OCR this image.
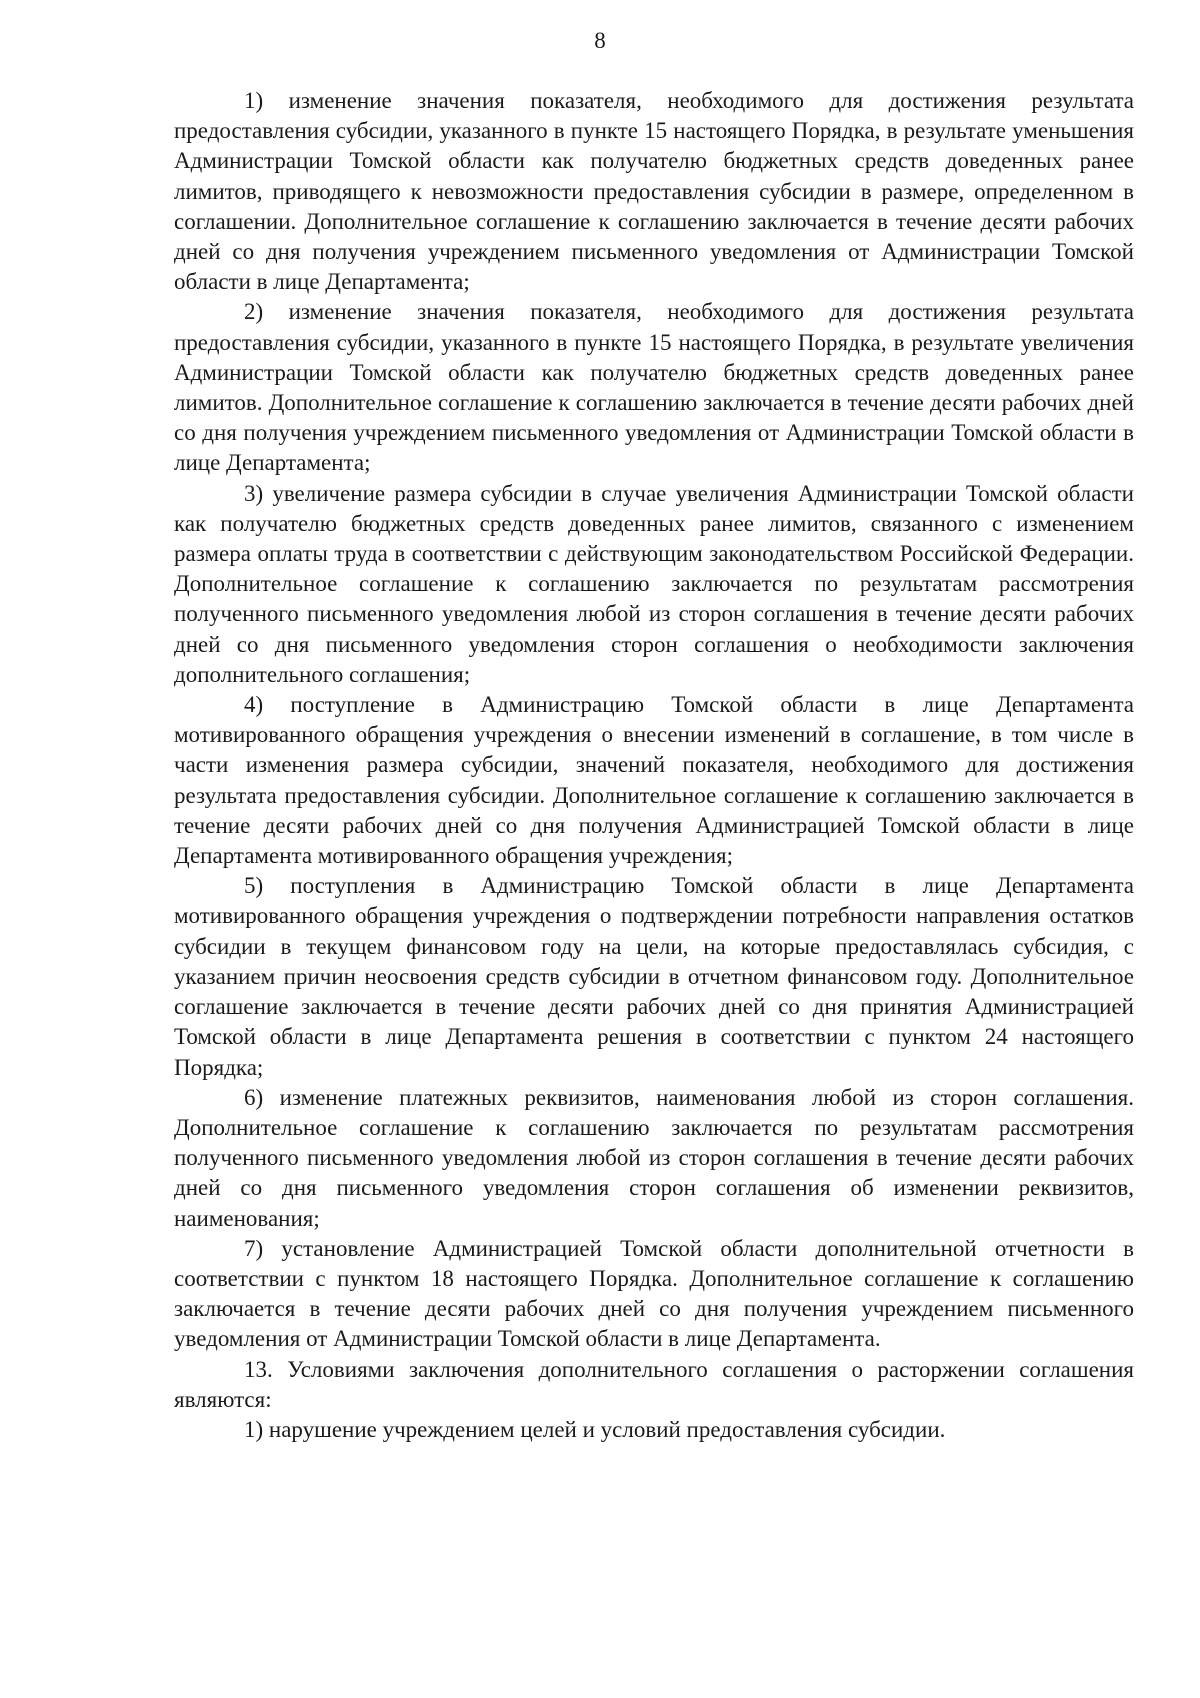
8

1) изменение значения показателя, необходимого для достижения результата предоставления субсидии, указанного в пункте 15 настоящего Порядка, в результате уменьшения Администрации Томской области как получателю бюджетных средств доведенных ранее лимитов, приводящего к невозможности предоставления субсидии в размере, определенном в соглашении. Дополнительное соглашение к соглашению заключается в течение десяти рабочих дней со дня получения учреждением письменного уведомления от Администрации Томской области в лице Департамента;

2) изменение значения показателя, необходимого для достижения результата предоставления субсидии, указанного в пункте 15 настоящего Порядка, в результате увеличения Администрации Томской области как получателю бюджетных средств доведенных ранее лимитов. Дополнительное соглашение к соглашению заключается в течение десяти рабочих дней со дня получения учреждением письменного уведомления от Администрации Томской области в лице Департамента;

3) увеличение размера субсидии в случае увеличения Администрации Томской области как получателю бюджетных средств доведенных ранее лимитов, связанного с изменением размера оплаты труда в соответствии с действующим законодательством Российской Федерации. Дополнительное соглашение к соглашению заключается по результатам рассмотрения полученного письменного уведомления любой из сторон соглашения в течение десяти рабочих дней со дня письменного уведомления сторон соглашения о необходимости заключения дополнительного соглашения;

4) поступление в Администрацию Томской области в лице Департамента мотивированного обращения учреждения о внесении изменений в соглашение, в том числе в части изменения размера субсидии, значений показателя, необходимого для достижения результата предоставления субсидии. Дополнительное соглашение к соглашению заключается в течение десяти рабочих дней со дня получения Администрацией Томской области в лице Департамента мотивированного обращения учреждения;

5) поступления в Администрацию Томской области в лице Департамента мотивированного обращения учреждения о подтверждении потребности направления остатков субсидии в текущем финансовом году на цели, на которые предоставлялась субсидия, с указанием причин неосвоения средств субсидии в отчетном финансовом году. Дополнительное соглашение заключается в течение десяти рабочих дней со дня принятия Администрацией Томской области в лице Департамента решения в соответствии с пунктом 24 настоящего Порядка;

6) изменение платежных реквизитов, наименования любой из сторон соглашения. Дополнительное соглашение к соглашению заключается по результатам рассмотрения полученного письменного уведомления любой из сторон соглашения в течение десяти рабочих дней со дня письменного уведомления сторон соглашения об изменении реквизитов, наименования;

7) установление Администрацией Томской области дополнительной отчетности в соответствии с пунктом 18 настоящего Порядка. Дополнительное соглашение к соглашению заключается в течение десяти рабочих дней со дня получения учреждением письменного уведомления от Администрации Томской области в лице Департамента.

13. Условиями заключения дополнительного соглашения о расторжении соглашения являются:

1) нарушение учреждением целей и условий предоставления субсидии.
